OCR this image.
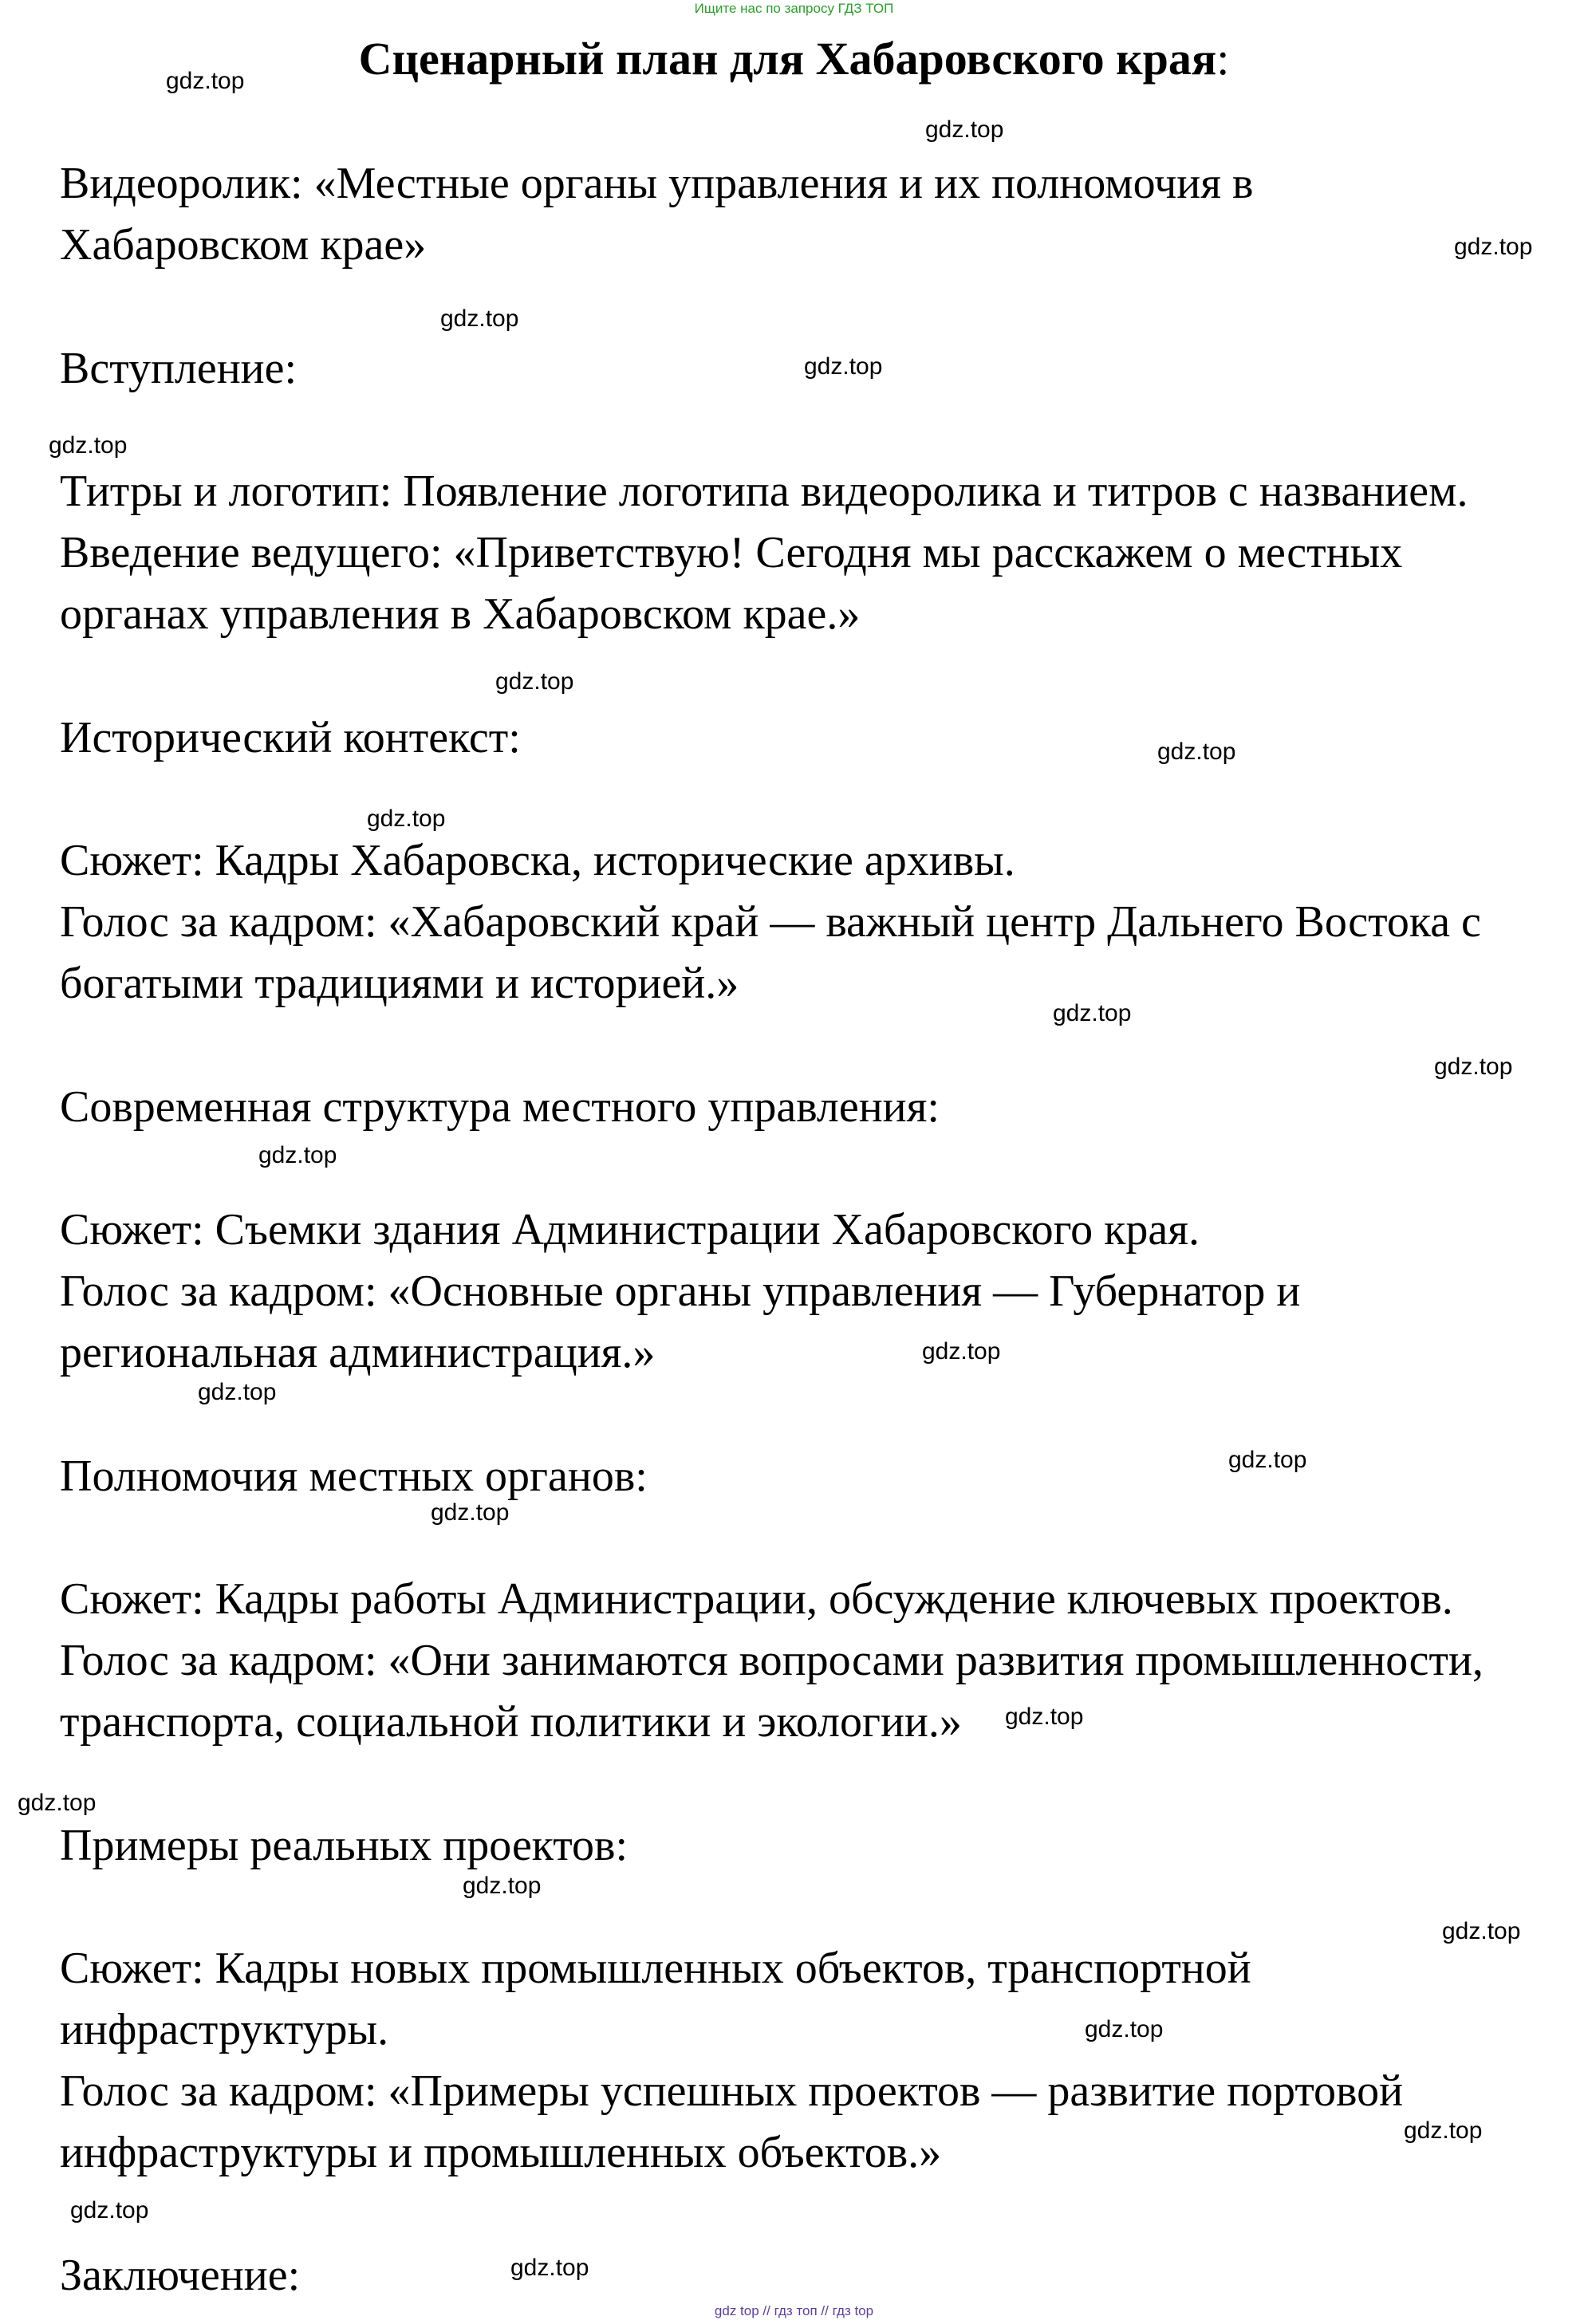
Ищите нас по запросу ГДЗ ТОП
Сценарный план для Хабаровского края:
Видеоролик: «Местные органы управления и их полномочия в
Хабаровском крае»
Вступление:
Титры и логотип: Появление логотипа видеоролика и титров с названием.
Введение ведущего: «Приветствую! Сегодня мы расскажем о местных
органах управления в Хабаровском крае.»
Исторический контекст:
Сюжет: Кадры Хабаровска, исторические архивы.
Голос за кадром: «Хабаровский край — важный центр Дальнего Востока с
богатыми традициями и историей.»
Современная структура местного управления:
Сюжет: Съемки здания Администрации Хабаровского края.
Голос за кадром: «Основные органы управления — Губернатор и
региональная администрация.»
Полномочия местных органов:
Сюжет: Кадры работы Администрации, обсуждение ключевых проектов.
Голос за кадром: «Они занимаются вопросами развития промышленности,
транспорта, социальной политики и экологии.»
Примеры реальных проектов:
Сюжет: Кадры новых промышленных объектов, транспортной
инфраструктуры.
Голос за кадром: «Примеры успешных проектов — развитие портовой
инфраструктуры и промышленных объектов.»
Заключение:
gdz.top
gdz.top
gdz.top
gdz.top
gdz.top
gdz.top
gdz.top
gdz.top
gdz.top
gdz.top
gdz.top
gdz.top
gdz.top
gdz.top
gdz.top
gdz.top
gdz.top
gdz.top
gdz.top
gdz.top
gdz.top
gdz.top
gdz.top
gdz.top
gdz top // гдз топ // гдз top
